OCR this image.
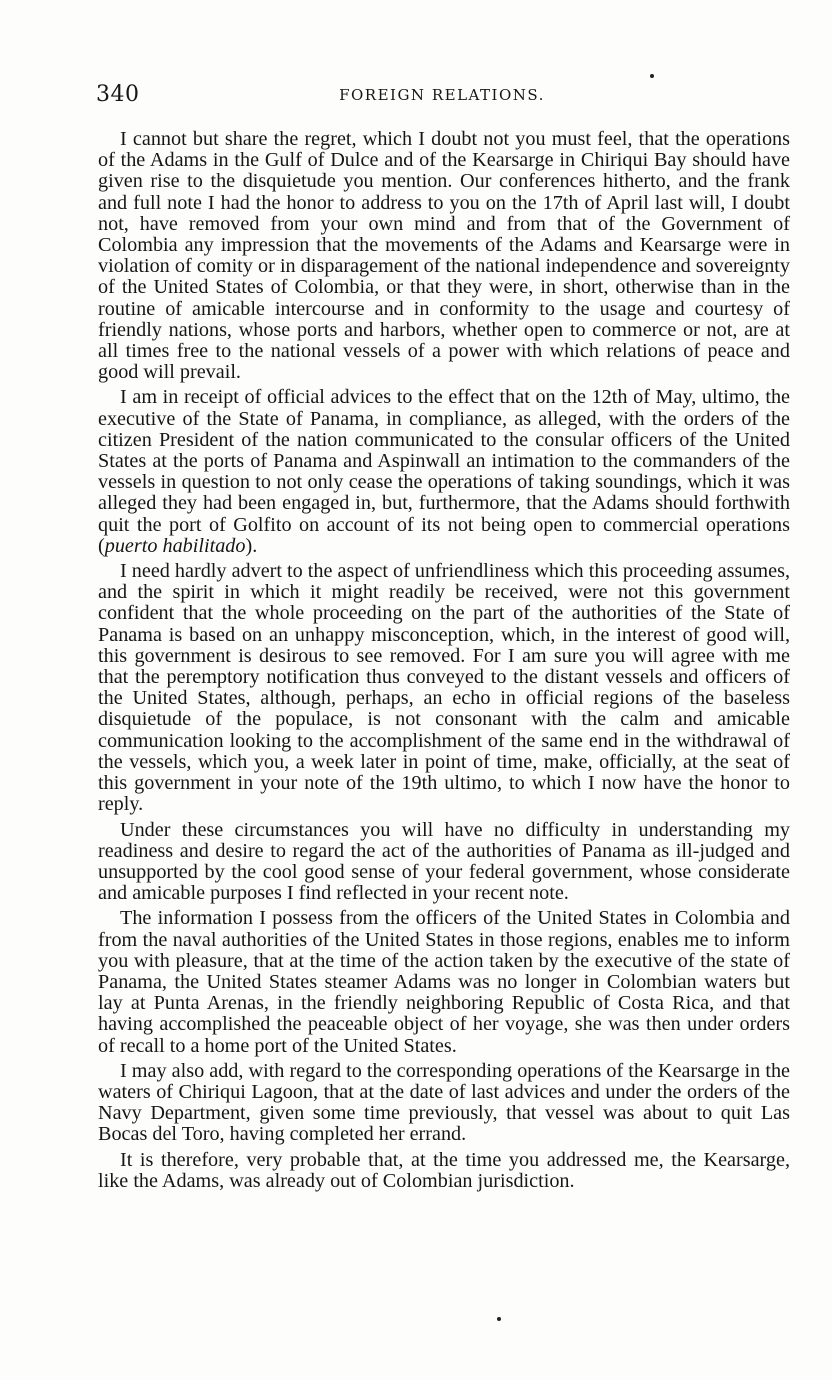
340	FOREIGN RELATIONS.

I cannot but share the regret, which I doubt not you must feel, that the operations of the Adams in the Gulf of Dulce and of the Kearsarge in Chiriqui Bay should have given rise to the disquietude you mention. Our conferences hitherto, and the frank and full note I had the honor to address to you on the 17th of April last will, I doubt not, have removed from your own mind and from that of the Government of Colombia any impression that the movements of the Adams and Kearsarge were in violation of comity or in disparagement of the national independence and sovereignty of the United States of Colombia, or that they were, in short, otherwise than in the routine of amicable intercourse and in conformity to the usage and courtesy of friendly nations, whose ports and harbors, whether open to commerce or not, are at all times free to the national vessels of a power with which relations of peace and good will prevail.

I am in receipt of official advices to the effect that on the 12th of May, ultimo, the executive of the State of Panama, in compliance, as alleged, with the orders of the citizen President of the nation communicated to the consular officers of the United States at the ports of Panama and Aspinwall an intimation to the commanders of the vessels in question to not only cease the operations of taking soundings, which it was alleged they had been engaged in, but, furthermore, that the Adams should forthwith quit the port of Golfito on account of its not being open to commercial operations (puerto habilitado).

I need hardly advert to the aspect of unfriendliness which this proceeding assumes, and the spirit in which it might readily be received, were not this government confident that the whole proceeding on the part of the authorities of the State of Panama is based on an unhappy misconception, which, in the interest of good will, this government is desirous to see removed. For I am sure you will agree with me that the peremptory notification thus conveyed to the distant vessels and officers of the United States, although, perhaps, an echo in official regions of the baseless disquietude of the populace, is not consonant with the calm and amicable communication looking to the accomplishment of the same end in the withdrawal of the vessels, which you, a week later in point of time, make, officially, at the seat of this government in your note of the 19th ultimo, to which I now have the honor to reply.

Under these circumstances you will have no difficulty in understanding my readiness and desire to regard the act of the authorities of Panama as ill-judged and unsupported by the cool good sense of your federal government, whose considerate and amicable purposes I find reflected in your recent note.

The information I possess from the officers of the United States in Colombia and from the naval authorities of the United States in those regions, enables me to inform you with pleasure, that at the time of the action taken by the executive of the state of Panama, the United States steamer Adams was no longer in Colombian waters but lay at Punta Arenas, in the friendly neighboring Republic of Costa Rica, and that having accomplished the peaceable object of her voyage, she was then under orders of recall to a home port of the United States.

I may also add, with regard to the corresponding operations of the Kearsarge in the waters of Chiriqui Lagoon, that at the date of last advices and under the orders of the Navy Department, given some time previously, that vessel was about to quit Las Bocas del Toro, having completed her errand.

It is therefore, very probable that, at the time you addressed me, the Kearsarge, like the Adams, was already out of Colombian jurisdiction.
